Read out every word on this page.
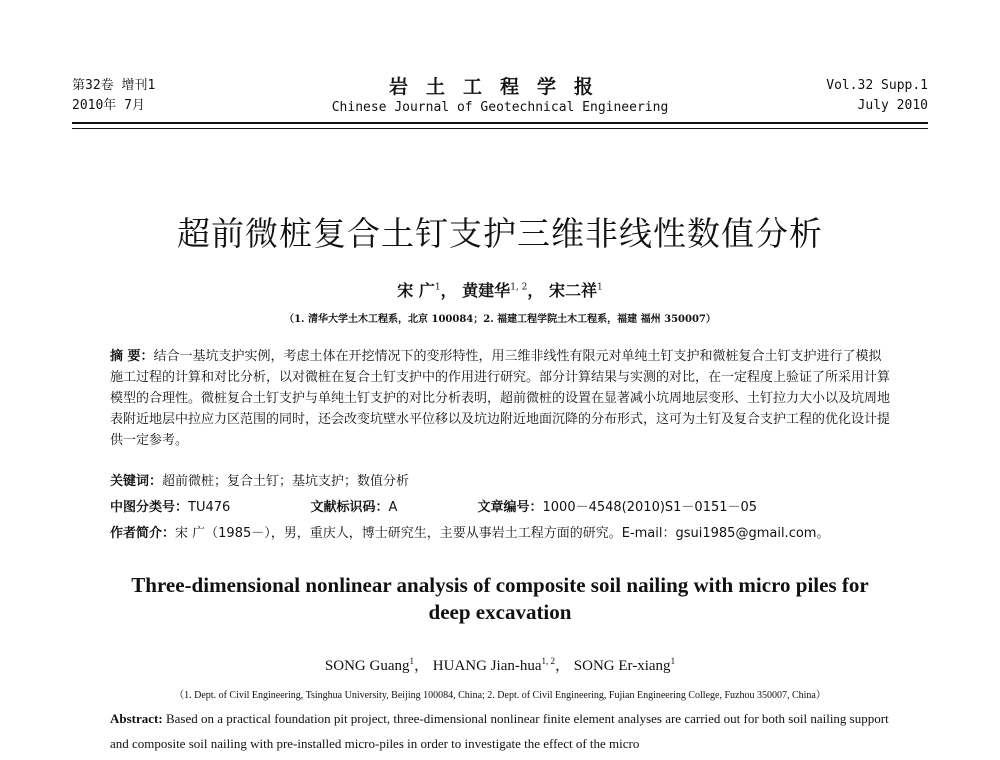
第32卷 增刊1
2010年 7月
岩土工程学报
Chinese Journal of Geotechnical Engineering
Vol.32 Supp.1
July 2010
超前微桩复合土钉支护三维非线性数值分析
宋 广$^1$， 黄建华$^{1, 2}$， 宋二祥$^1$
（1. 清华大学土木工程系，北京 100084；2. 福建工程学院土木工程系，福建 福州 350007）
摘 要：结合一基坑支护实例，考虑土体在开挖情况下的变形特性，用三维非线性有限元对单纯土钉支护和微桩复合土钉支护进行了模拟施工过程的计算和对比分析，以对微桩在复合土钉支护中的作用进行研究。部分计算结果与实测的对比，在一定程度上验证了所采用计算模型的合理性。微桩复合土钉支护与单纯土钉支护的对比分析表明，超前微桩的设置在显著减小坑周地层变形、土钉拉力大小以及坑周地表附近地层中拉应力区范围的同时，还会改变坑壁水平位移以及坑边附近地面沉降的分布形式，这可为土钉及复合支护工程的优化设计提供一定参考。
关键词：超前微桩；复合土钉；基坑支护；数值分析
中图分类号：TU476	文献标识码：A	文章编号：1000－4548(2010)S1－0151－05
作者简介：宋 广（1985－），男，重庆人，博士研究生，主要从事岩土工程方面的研究。E-mail：gsui1985@gmail.com。
Three-dimensional nonlinear analysis of composite soil nailing with micro piles for deep excavation
SONG Guang$^1$， HUANG Jian-hua$^{1, 2}$， SONG Er-xiang$^1$
（1. Dept. of Civil Engineering, Tsinghua University, Beijing 100084, China; 2. Dept. of Civil Engineering, Fujian Engineering College, Fuzhou 350007, China）
Abstract: Based on a practical foundation pit project, three-dimensional nonlinear finite element analyses are carried out for both soil nailing support and composite soil nailing with pre-installed micro-piles in order to investigate the effect of the micro
